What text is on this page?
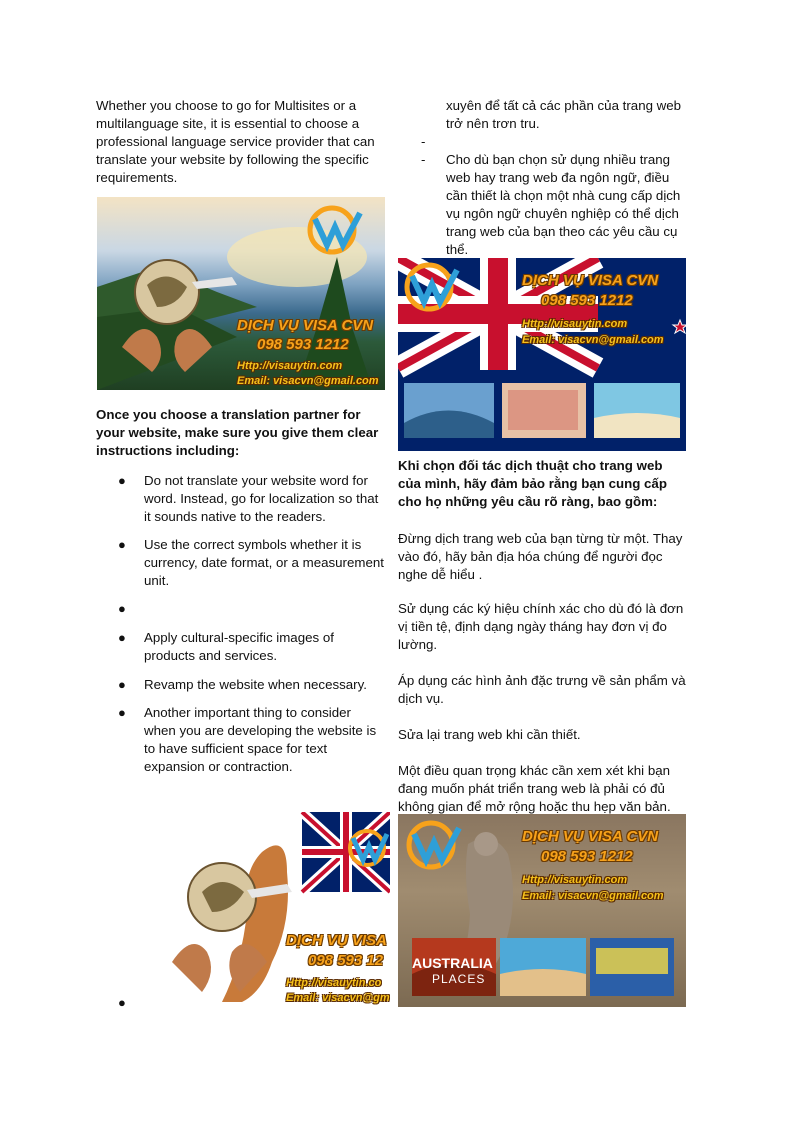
Whether you choose to go for Multisites or a multilanguage site, it is essential to choose a professional language service provider that can translate your website by following the specific requirements.

DỊCH VỤ VISA CVN
098 593 1212
Http://visauytin.com
Email: visacvn@gmail.com

Once you choose a translation partner for your website, make sure you give them clear instructions including:

●	Do not translate your website word for word. Instead, go for localization so that it sounds native to the readers.

●	Use the correct symbols whether it is currency, date format, or a measurement unit.

●

●	Apply cultural-specific images of products and services.

●	Revamp the website when necessary.

●	Another important thing to consider when you are developing the website is to have sufficient space for text expansion or contraction.

DỊCH VỤ VISA
098 593 12
Http://visauytin.co
Email: visacvn@gm
●

xuyên để tất cả các phần của trang web trở nên trơn tru.

-

- Cho dù bạn chọn sử dụng nhiều trang web hay trang web đa ngôn ngữ, điều cần thiết là chọn một nhà cung cấp dịch vụ ngôn ngữ chuyên nghiệp có thể dịch trang web của bạn theo các yêu cầu cụ thể.

DỊCH VỤ VISA CVN
098 593 1212
Http://visauytin.com
Email: visacvn@gmail.com

Khi chọn đối tác dịch thuật cho trang web của mình, hãy đảm bảo rằng bạn cung cấp cho họ những yêu cầu rõ ràng, bao gồm:

Đừng dịch trang web của bạn từng từ một. Thay vào đó, hãy bản địa hóa chúng để người đọc nghe dễ hiểu .

Sử dụng các ký hiệu chính xác cho dù đó là đơn vị tiền tệ, định dạng ngày tháng hay đơn vị đo lường.

Áp dụng các hình ảnh đặc trưng về sản phẩm và dịch vụ.

Sửa lại trang web khi cần thiết.

Một điều quan trọng khác cần xem xét khi bạn đang muốn phát triển trang web là phải có đủ không gian để mở rộng hoặc thu hẹp văn bản.

DỊCH VỤ VISA CVN
098 593 1212
Http://visauytin.com
Email: visacvn@gmail.com
AUSTRALIA
PLACES
